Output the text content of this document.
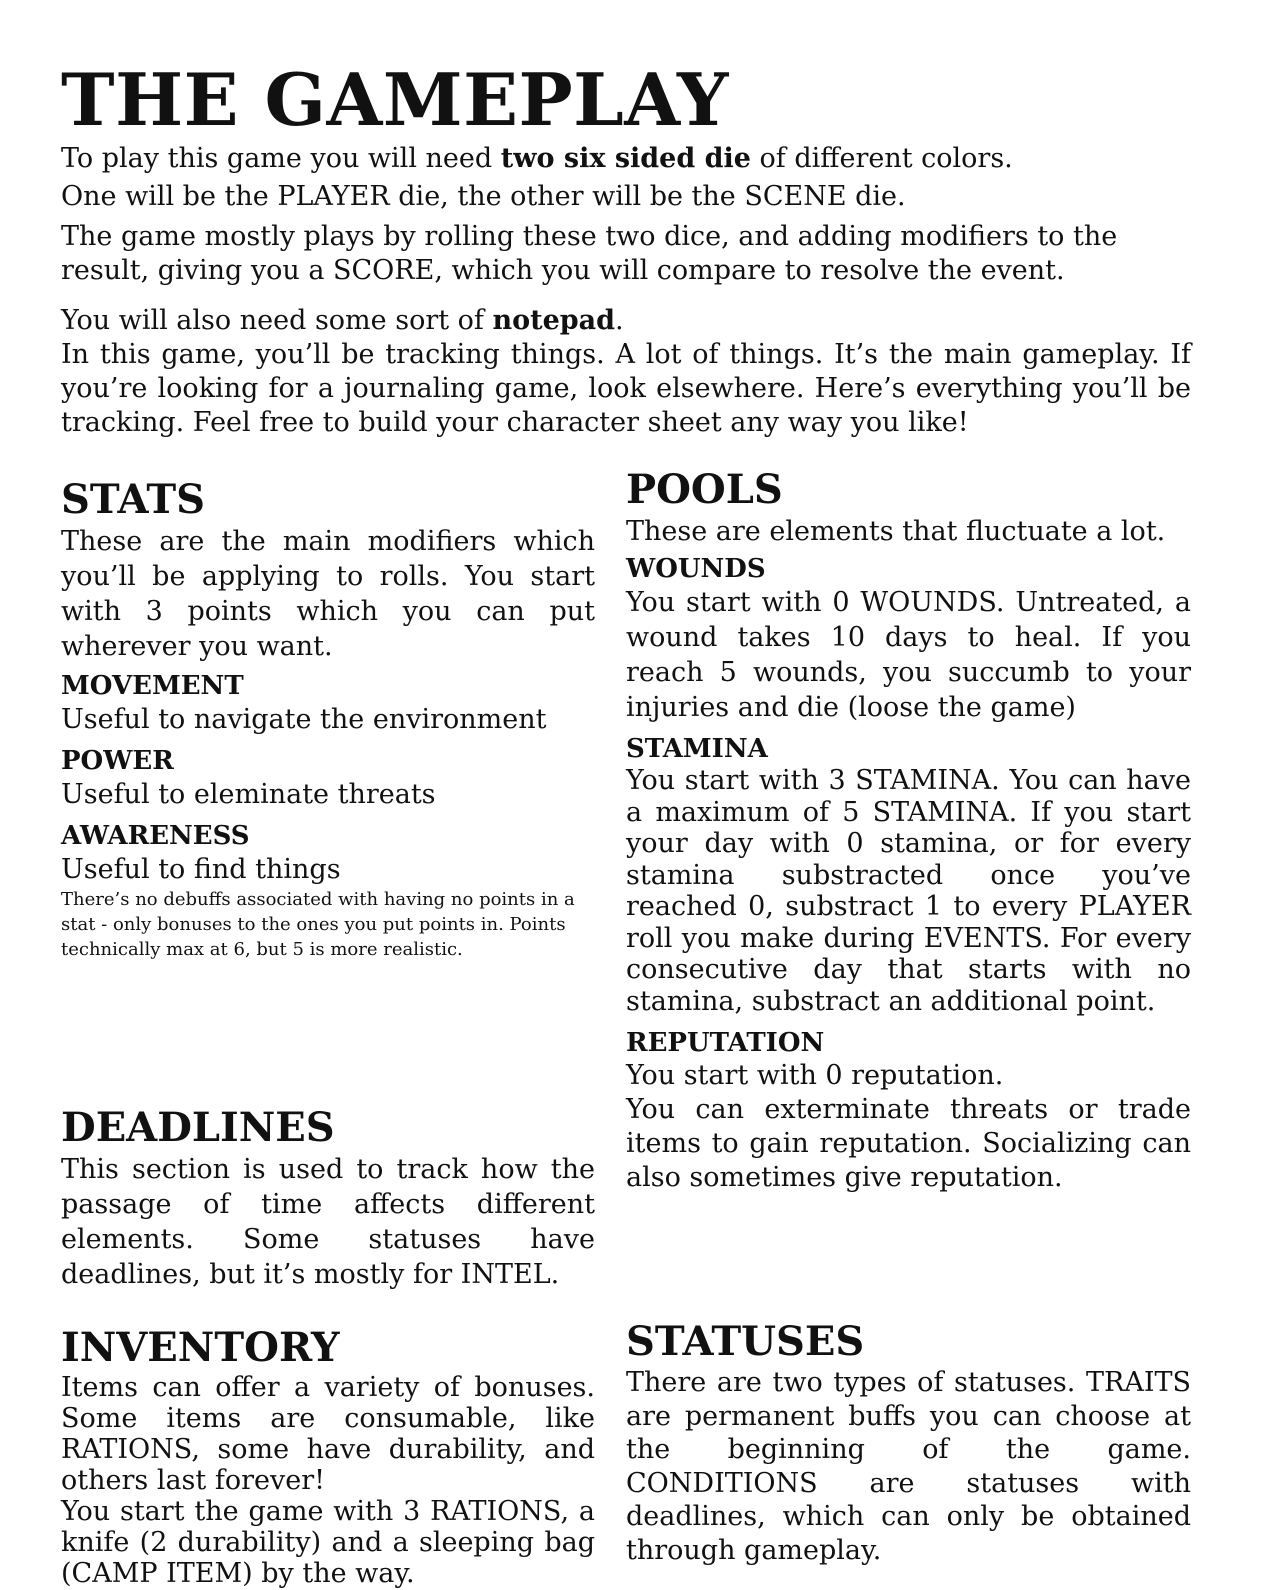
THE GAMEPLAY

To play this game you will need two six sided die of different colors.

One will be the PLAYER die, the other will be the SCENE die.

The game mostly plays by rolling these two dice, and adding modifiers to the result, giving you a SCORE, which you will compare to resolve the event.

You will also need some sort of notepad.

In this game, you’ll be tracking things. A lot of things. It’s the main gameplay. If you’re looking for a journaling game, look elsewhere. Here’s everything you’ll be tracking. Feel free to build your character sheet any way you like!

STATS

These are the main modifiers which you’ll be applying to rolls. You start with 3 points which you can put wherever you want.

MOVEMENT

Useful to navigate the environment

POWER

Useful to eleminate threats

AWARENESS

Useful to find things

There’s no debuffs associated with having no points in a stat - only bonuses to the ones you put points in. Points technically max at 6, but 5 is more realistic.

DEADLINES

This section is used to track how the passage of time affects different elements. Some statuses have deadlines, but it’s mostly for INTEL.

INVENTORY

Items can offer a variety of bonuses. Some items are consumable, like RATIONS, some have durability, and others last forever!

You start the game with 3 RATIONS, a knife (2 durability) and a sleeping bag (CAMP ITEM) by the way.

POOLS

These are elements that fluctuate a lot.

WOUNDS

You start with 0 WOUNDS. Untreated, a wound takes 10 days to heal. If you reach 5 wounds, you succumb to your injuries and die (loose the game)

STAMINA

You start with 3 STAMINA. You can have a maximum of 5 STAMINA. If you start your day with 0 stamina, or for every stamina substracted once you’ve reached 0, substract 1 to every PLAYER roll you make during EVENTS. For every consecutive day that starts with no stamina, substract an additional point.

REPUTATION

You start with 0 reputation.

You can exterminate threats or trade items to gain reputation. Socializing can also sometimes give reputation.

STATUSES

There are two types of statuses. TRAITS are permanent buffs you can choose at the beginning of the game. CONDITIONS are statuses with deadlines, which can only be obtained through gameplay.
